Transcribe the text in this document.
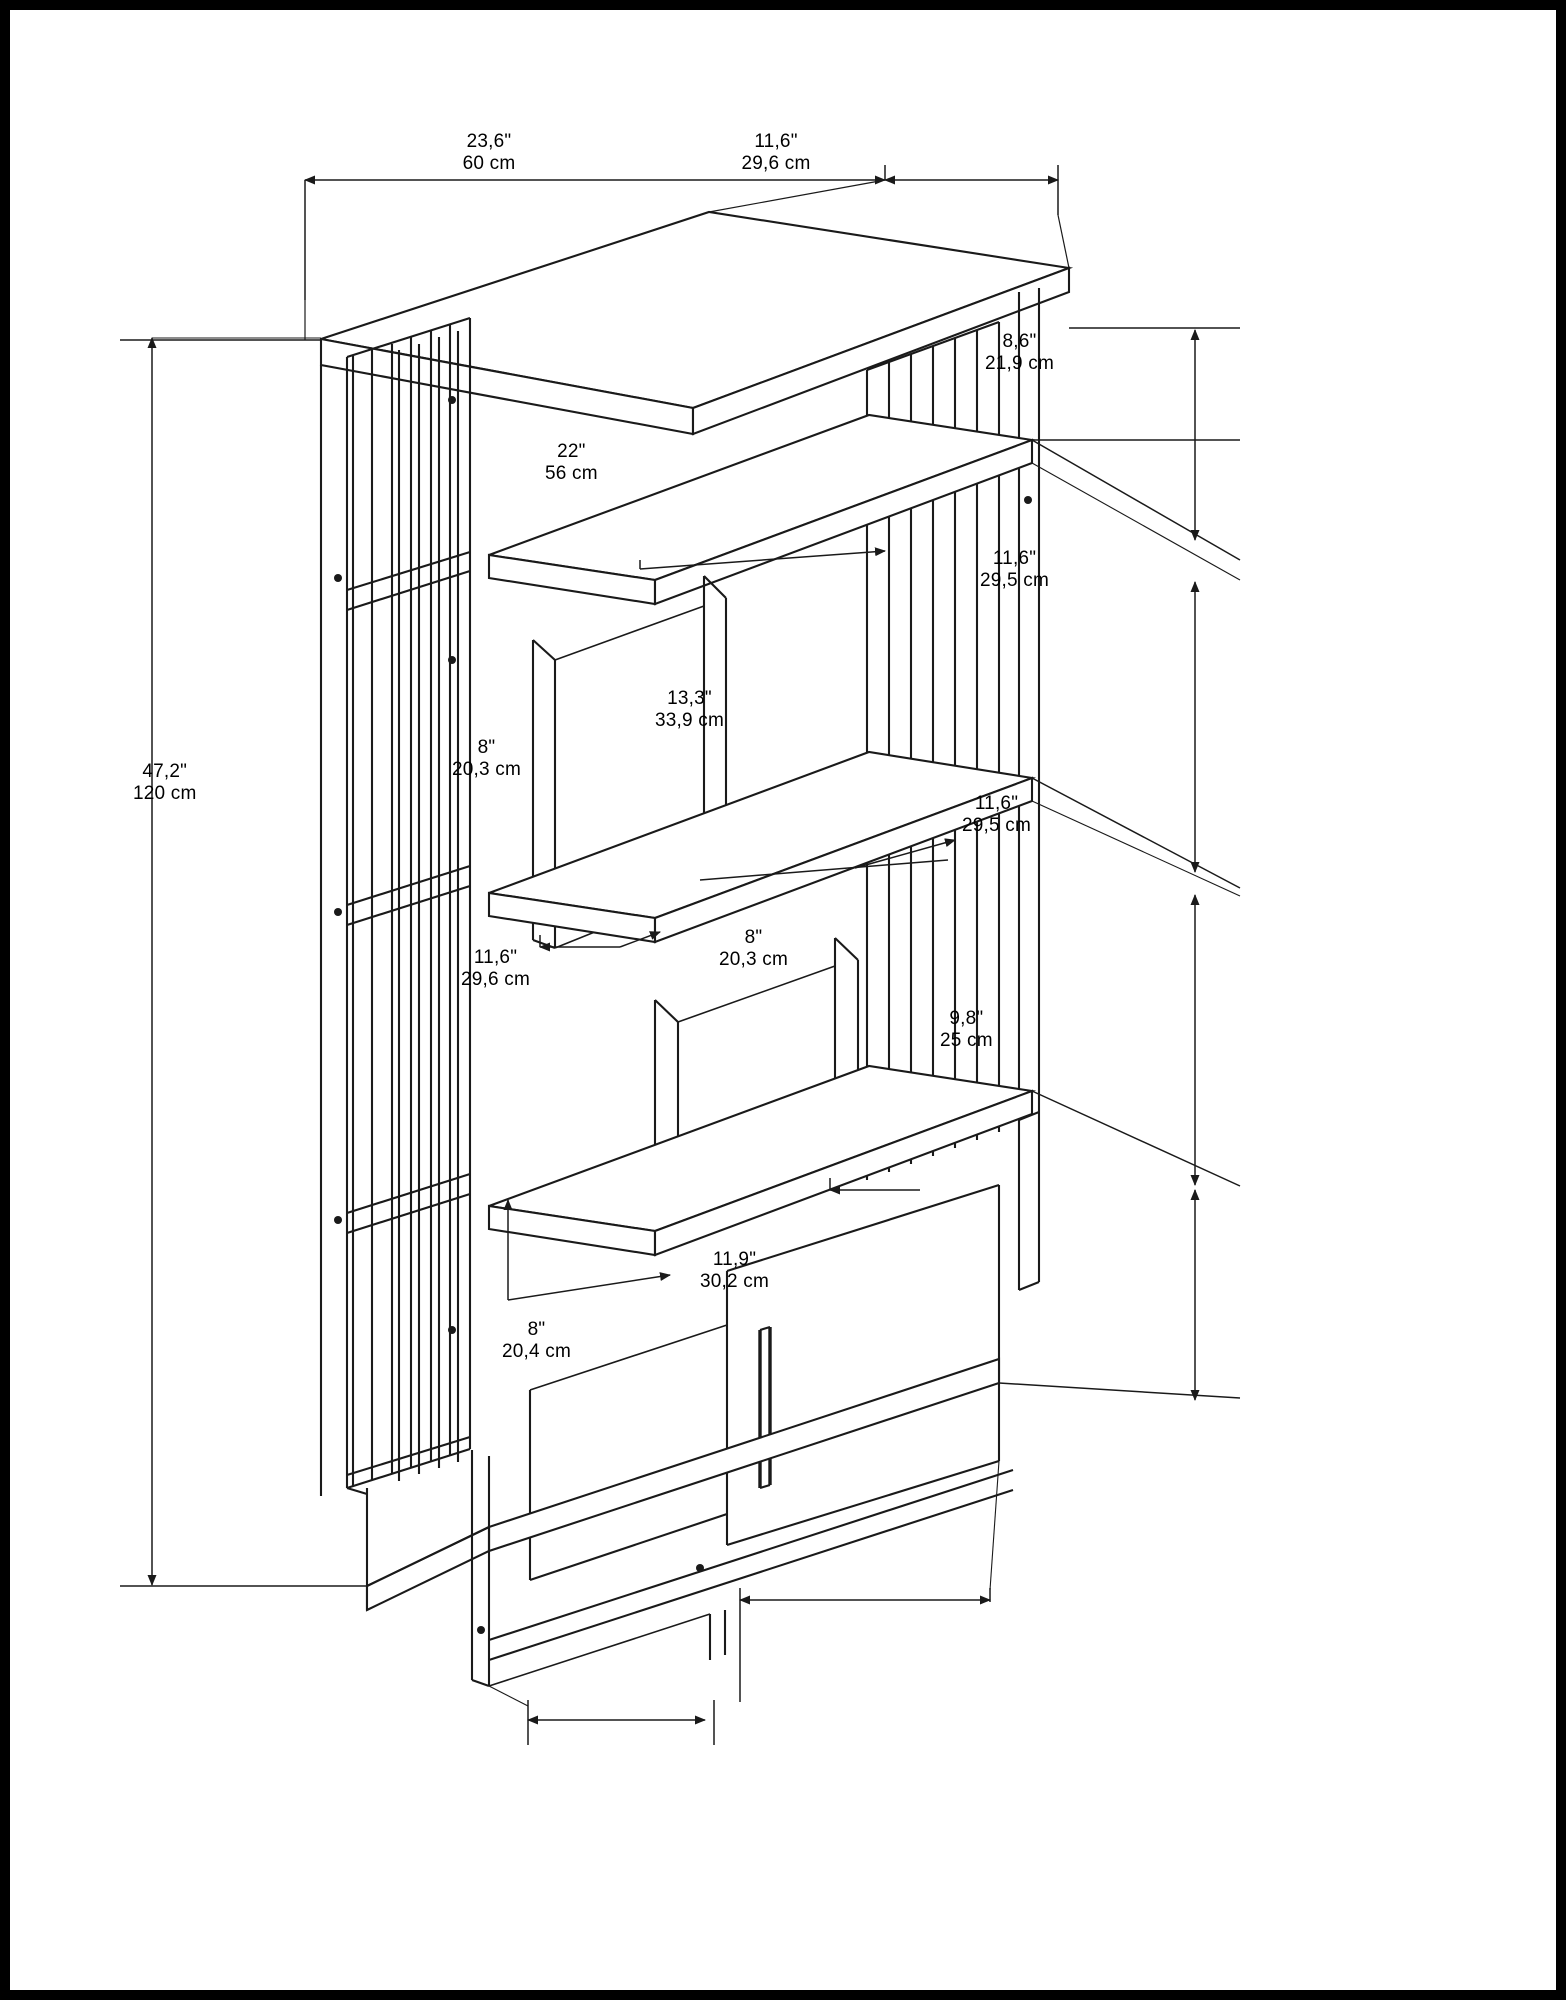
23,6"
60 cm
11,6"
29,6 cm
8,6"
21,9 cm
22"
56 cm
11,6"
29,5 cm
13,3"
33,9 cm
8"
20,3 cm
11,6"
29,5 cm
8"
20,3 cm
11,6"
29,6 cm
9,8"
25 cm
47,2"
120 cm
11,9"
30,2 cm
8"
20,4 cm
